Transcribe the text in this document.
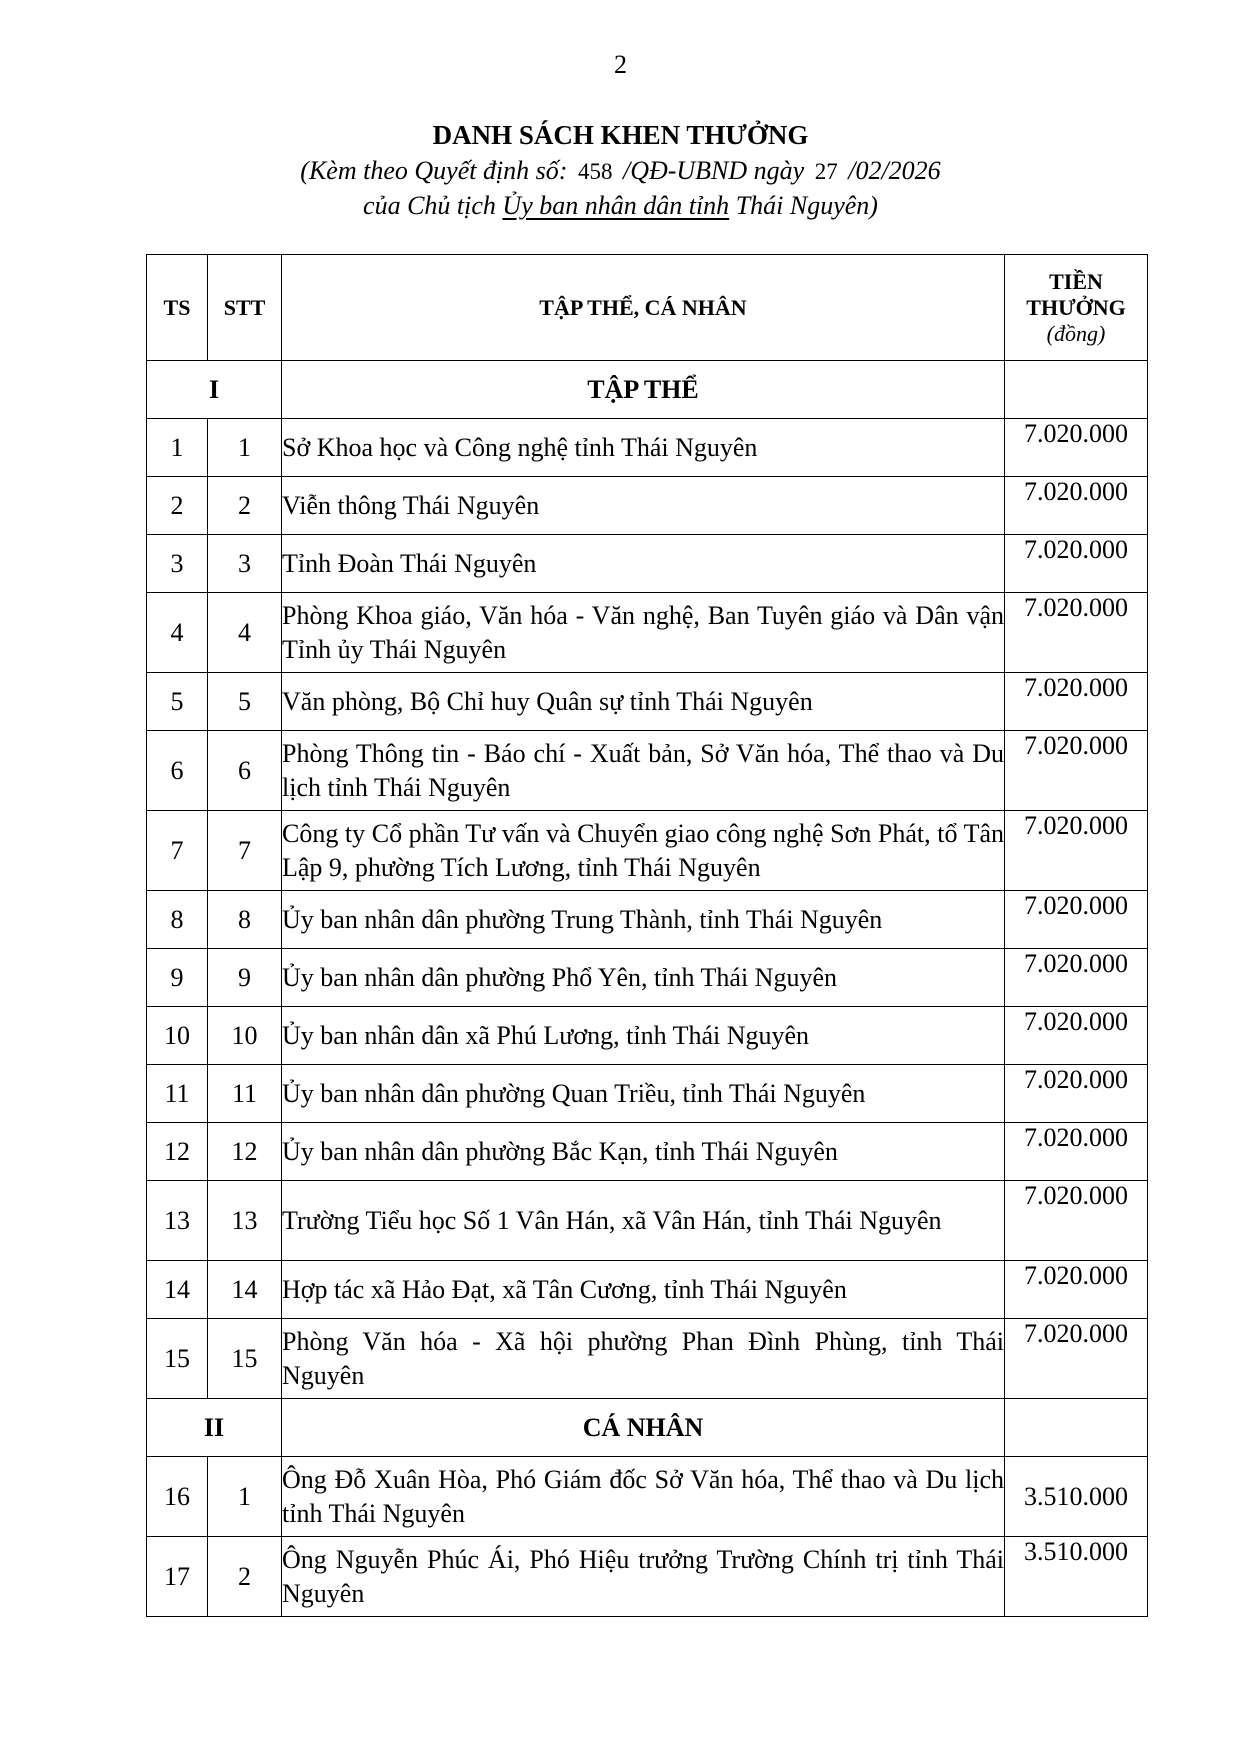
2
DANH SÁCH KHEN THƯỞNG
(Kèm theo Quyết định số: 458 /QĐ-UBND ngày 27 /02/2026
của Chủ tịch Ủy ban nhân dân tỉnh Thái Nguyên)
TS	STT	TẬP THỂ, CÁ NHÂN	TIỀN
THƯỞNG
(đồng)

I		TẬP THỂ	
1	1	Sở Khoa học và Công nghệ tỉnh Thái Nguyên	7.020.000
2	2	Viễn thông Thái Nguyên	7.020.000
3	3	Tỉnh Đoàn Thái Nguyên	7.020.000
4	4	Phòng Khoa giáo, Văn hóa - Văn nghệ, Ban Tuyên giáo và Dân vận Tỉnh ủy Thái Nguyên	7.020.000
5	5	Văn phòng, Bộ Chỉ huy Quân sự tỉnh Thái Nguyên	7.020.000
6	6	Phòng Thông tin - Báo chí - Xuất bản, Sở Văn hóa, Thể thao và Du lịch tỉnh Thái Nguyên	7.020.000
7	7	Công ty Cổ phần Tư vấn và Chuyển giao công nghệ Sơn Phát, tổ Tân Lập 9, phường Tích Lương, tỉnh Thái Nguyên	7.020.000
8	8	Ủy ban nhân dân phường Trung Thành, tỉnh Thái Nguyên	7.020.000
9	9	Ủy ban nhân dân phường Phổ Yên, tỉnh Thái Nguyên	7.020.000
10	10	Ủy ban nhân dân xã Phú Lương, tỉnh Thái Nguyên	7.020.000
11	11	Ủy ban nhân dân phường Quan Triều, tỉnh Thái Nguyên	7.020.000
12	12	Ủy ban nhân dân phường Bắc Kạn, tỉnh Thái Nguyên	7.020.000
13	13	Trường Tiểu học Số 1 Vân Hán, xã Vân Hán, tỉnh Thái Nguyên	7.020.000
14	14	Hợp tác xã Hảo Đạt, xã Tân Cương, tỉnh Thái Nguyên	7.020.000
15	15	Phòng Văn hóa - Xã hội phường Phan Đình Phùng, tỉnh Thái Nguyên	7.020.000
II		CÁ NHÂN	
16	1	Ông Đỗ Xuân Hòa, Phó Giám đốc Sở Văn hóa, Thể thao và Du lịch tỉnh Thái Nguyên	3.510.000
17	2	Ông Nguyễn Phúc Ái, Phó Hiệu trưởng Trường Chính trị tỉnh Thái Nguyên	3.510.000
